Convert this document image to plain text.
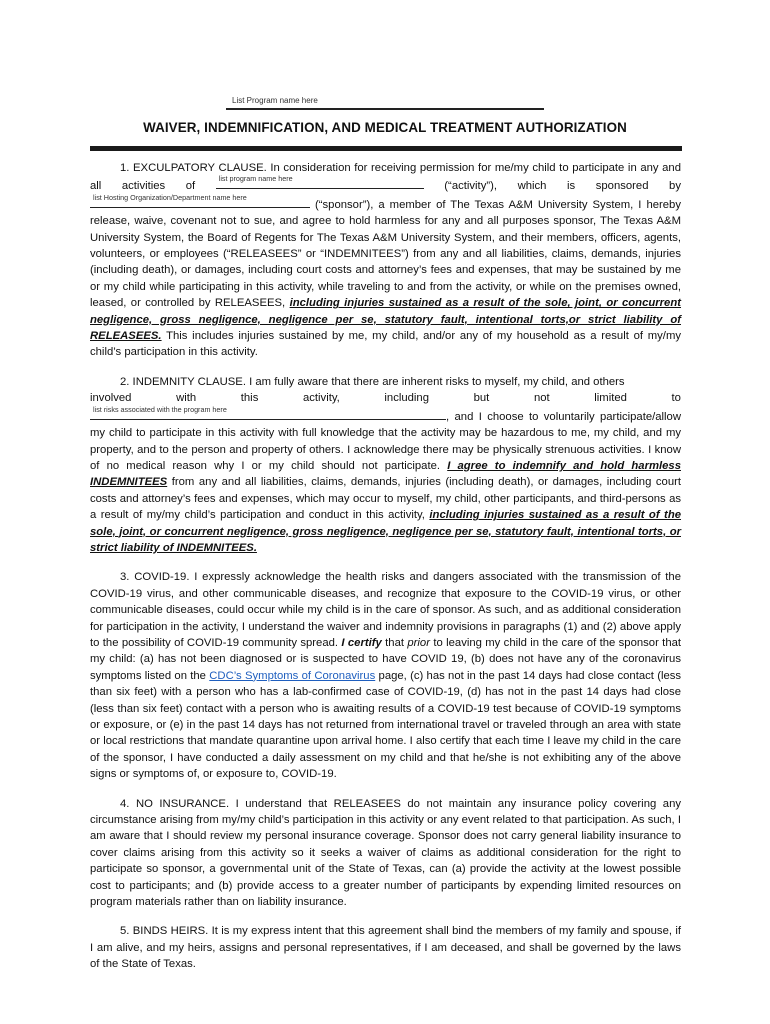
List Program name here
WAIVER, INDEMNIFICATION, AND MEDICAL TREATMENT AUTHORIZATION

1. EXCULPATORY CLAUSE. In consideration for receiving permission for me/my child to participate in any and all activities of
list program name here
(“activity”), which is sponsored by
list Hosting Organization/Department name here
(“sponsor”), a member of The Texas A&M University System, I hereby release, waive, covenant not to sue, and agree to hold harmless for any and all purposes sponsor, The Texas A&M University System, the Board of Regents for The Texas A&M University System, and their members, officers, agents, volunteers, or employees (“RELEASEES” or “INDEMNITEES”) from any and all liabilities, claims, demands, injuries (including death), or damages, including court costs and attorney’s fees and expenses, that may be sustained by me or my child while participating in this activity, while traveling to and from the activity, or while on the premises owned, leased, or controlled by RELEASEES, including injuries sustained as a result of the sole, joint, or concurrent negligence, gross negligence, negligence per se, statutory fault, intentional torts,or strict liability of RELEASEES. This includes injuries sustained by me, my child, and/or any of my household as a result of my/my child’s participation in this activity.

2. INDEMNITY CLAUSE. I am fully aware that there are inherent risks to myself, my child, and others

involved	with	this	activity,	including	but	not	limited	to

list risks associated with the program here
, and I choose to voluntarily participate/allow my child to participate in this activity with full knowledge that the activity may be hazardous to me, my child, and my property, and to the person and property of others. I acknowledge there may be physically strenuous activities. I know of no medical reason why I or my child should not participate. I agree to indemnify and hold harmless INDEMNITEES from any and all liabilities, claims, demands, injuries (including death), or damages, including court costs and attorney’s fees and expenses, which may occur to myself, my child, other participants, and third-persons as a result of my/my child’s participation and conduct in this activity, including injuries sustained as a result of the sole, joint, or concurrent negligence, gross negligence, negligence per se, statutory fault, intentional torts, or strict liability of INDEMNITEES.

3. COVID-19. I expressly acknowledge the health risks and dangers associated with the transmission of the COVID-19 virus, and other communicable diseases, and recognize that exposure to the COVID-19 virus, or other communicable diseases, could occur while my child is in the care of sponsor. As such, and as additional consideration for participation in the activity, I understand the waiver and indemnity provisions in paragraphs (1) and (2) above apply to the possibility of COVID-19 community spread. I certify that prior to leaving my child in the care of the sponsor that my child: (a) has not been diagnosed or is suspected to have COVID 19, (b) does not have any of the coronavirus symptoms listed on the CDC’s Symptoms of Coronavirus page, (c) has not in the past 14 days had close contact (less than six feet) with a person who has a lab-confirmed case of COVID-19, (d) has not in the past 14 days had close (less than six feet) contact with a person who is awaiting results of a COVID-19 test because of COVID-19 symptoms or exposure, or (e) in the past 14 days has not returned from international travel or traveled through an area with state or local restrictions that mandate quarantine upon arrival home. I also certify that each time I leave my child in the care of the sponsor, I have conducted a daily assessment on my child and that he/she is not exhibiting any of the above signs or symptoms of, or exposure to, COVID-19.

4. NO INSURANCE. I understand that RELEASEES do not maintain any insurance policy covering any circumstance arising from my/my child’s participation in this activity or any event related to that participation. As such, I am aware that I should review my personal insurance coverage. Sponsor does not carry general liability insurance to cover claims arising from this activity so it seeks a waiver of claims as additional consideration for the right to participate so sponsor, a governmental unit of the State of Texas, can (a) provide the activity at the lowest possible cost to participants; and (b) provide access to a greater number of participants by expending limited resources on program materials rather than on liability insurance.

5. BINDS HEIRS. It is my express intent that this agreement shall bind the members of my family and spouse, if I am alive, and my heirs, assigns and personal representatives, if I am deceased, and shall be governed by the laws of the State of Texas.
